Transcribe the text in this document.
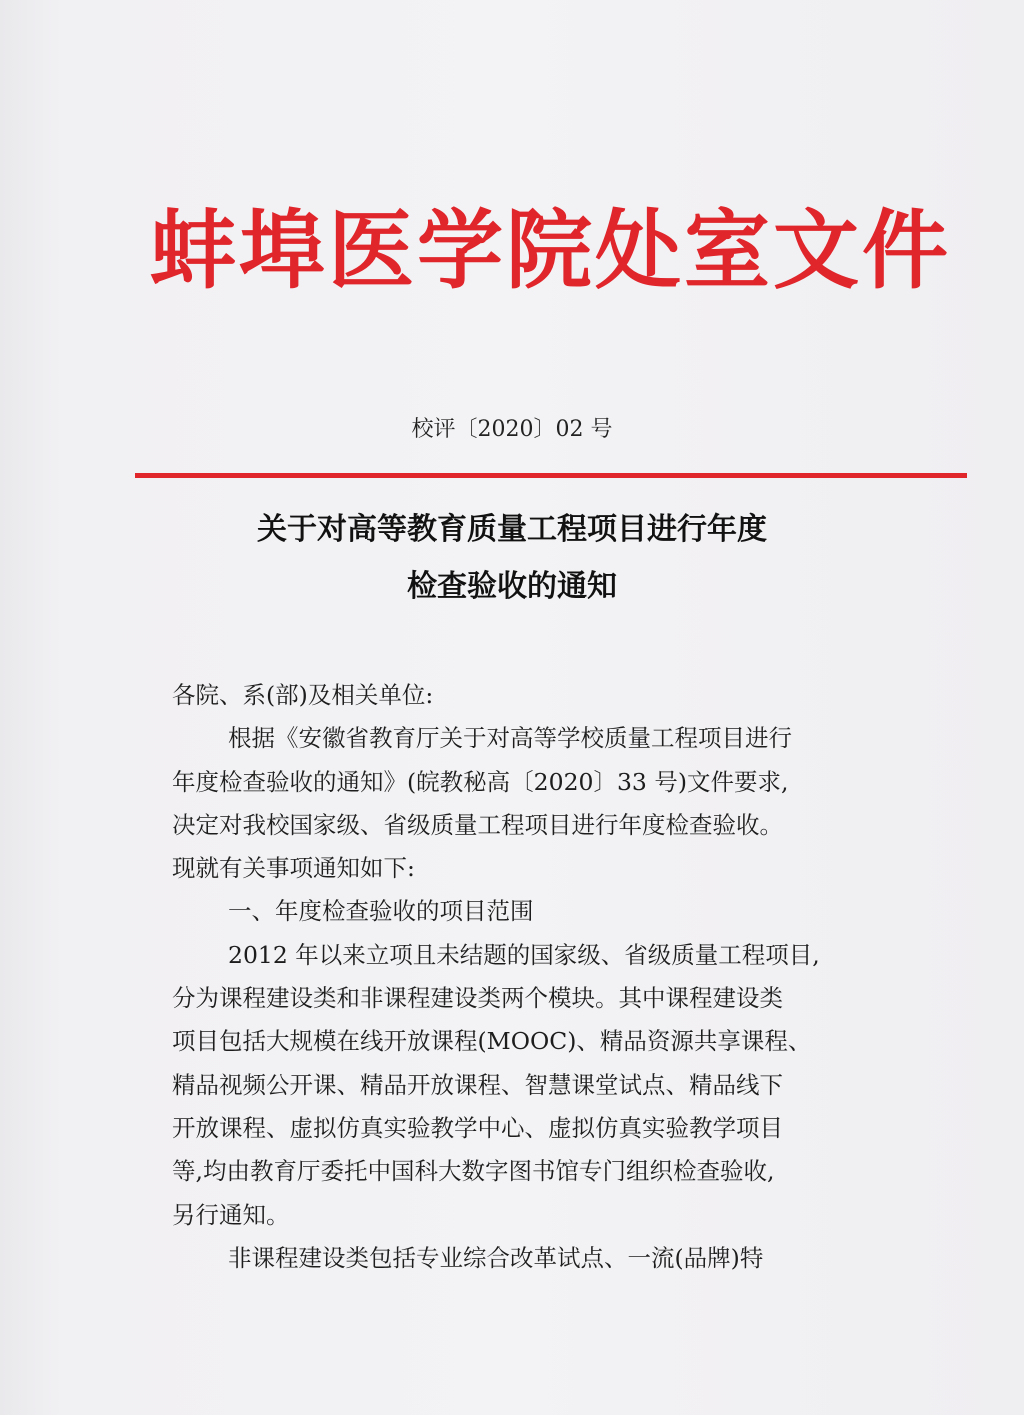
蚌埠医学院处室文件
校评〔2020〕02 号
关于对高等教育质量工程项目进行年度
检查验收的通知

各院、系(部)及相关单位:

根据《安徽省教育厅关于对高等学校质量工程项目进行

年度检查验收的通知》(皖教秘高〔2020〕33 号)文件要求,

决定对我校国家级、省级质量工程项目进行年度检查验收。

现就有关事项通知如下:

一、年度检查验收的项目范围

2012 年以来立项且未结题的国家级、省级质量工程项目,

分为课程建设类和非课程建设类两个模块。其中课程建设类

项目包括大规模在线开放课程(MOOC)、精品资源共享课程、

精品视频公开课、精品开放课程、智慧课堂试点、精品线下

开放课程、虚拟仿真实验教学中心、虚拟仿真实验教学项目

等,均由教育厅委托中国科大数字图书馆专门组织检查验收,

另行通知。

非课程建设类包括专业综合改革试点、一流(品牌)特
